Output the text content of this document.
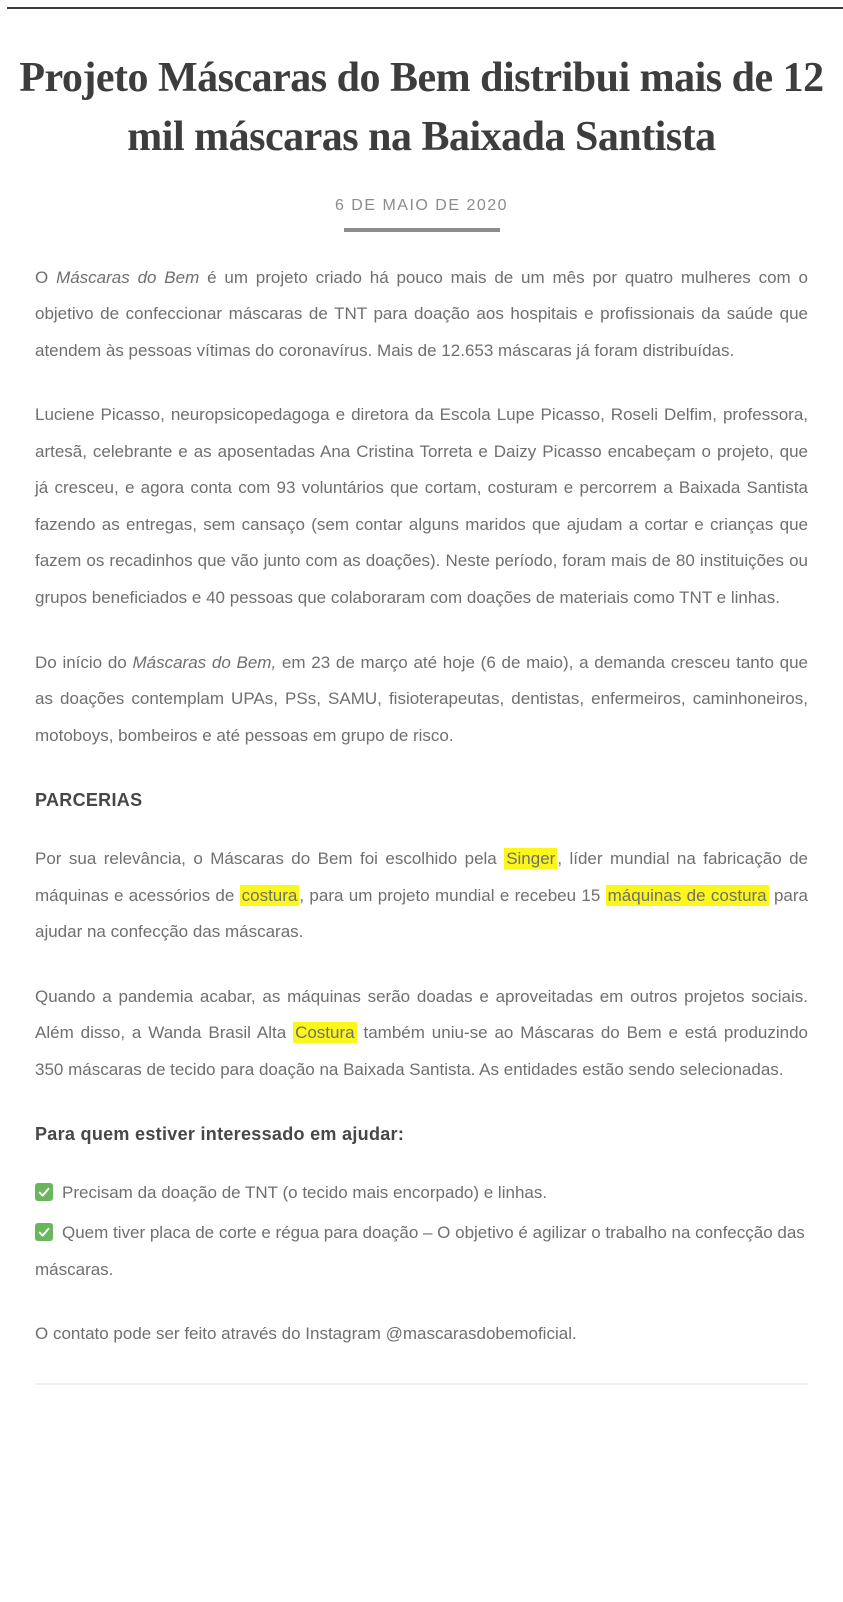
Projeto Máscaras do Bem distribui mais de 12 mil máscaras na Baixada Santista
6 DE MAIO DE 2020

O Máscaras do Bem é um projeto criado há pouco mais de um mês por quatro mulheres com o objetivo de confeccionar máscaras de TNT para doação aos hospitais e profissionais da saúde que atendem às pessoas vítimas do coronavírus. Mais de 12.653 máscaras já foram distribuídas.

Luciene Picasso, neuropsicopedagoga e diretora da Escola Lupe Picasso, Roseli Delfim, professora, artesã, celebrante e as aposentadas Ana Cristina Torreta e Daizy Picasso encabeçam o projeto, que já cresceu, e agora conta com 93 voluntários que cortam, costuram e percorrem a Baixada Santista fazendo as entregas, sem cansaço (sem contar alguns maridos que ajudam a cortar e crianças que fazem os recadinhos que vão junto com as doações). Neste período, foram mais de 80 instituições ou grupos beneficiados e 40 pessoas que colaboraram com doações de materiais como TNT e linhas.

Do início do Máscaras do Bem, em 23 de março até hoje (6 de maio), a demanda cresceu tanto que as doações contemplam UPAs, PSs, SAMU, fisioterapeutas, dentistas, enfermeiros, caminhoneiros, motoboys, bombeiros e até pessoas em grupo de risco.

PARCERIAS

Por sua relevância, o Máscaras do Bem foi escolhido pela Singer , líder mundial na fabricação de máquinas e acessórios de costura , para um projeto mundial e recebeu 15 máquinas de costura para ajudar na confecção das máscaras.

Quando a pandemia acabar, as máquinas serão doadas e aproveitadas em outros projetos sociais. Além disso, a Wanda Brasil Alta Costura também uniu-se ao Máscaras do Bem e está produzindo 350 máscaras de tecido para doação na Baixada Santista. As entidades estão sendo selecionadas.

Para quem estiver interessado em ajudar:

Precisam da doação de TNT (o tecido mais encorpado) e linhas.

Quem tiver placa de corte e régua para doação – O objetivo é agilizar o trabalho na confecção das máscaras.

O contato pode ser feito através do Instagram @mascarasdobemoficial.
